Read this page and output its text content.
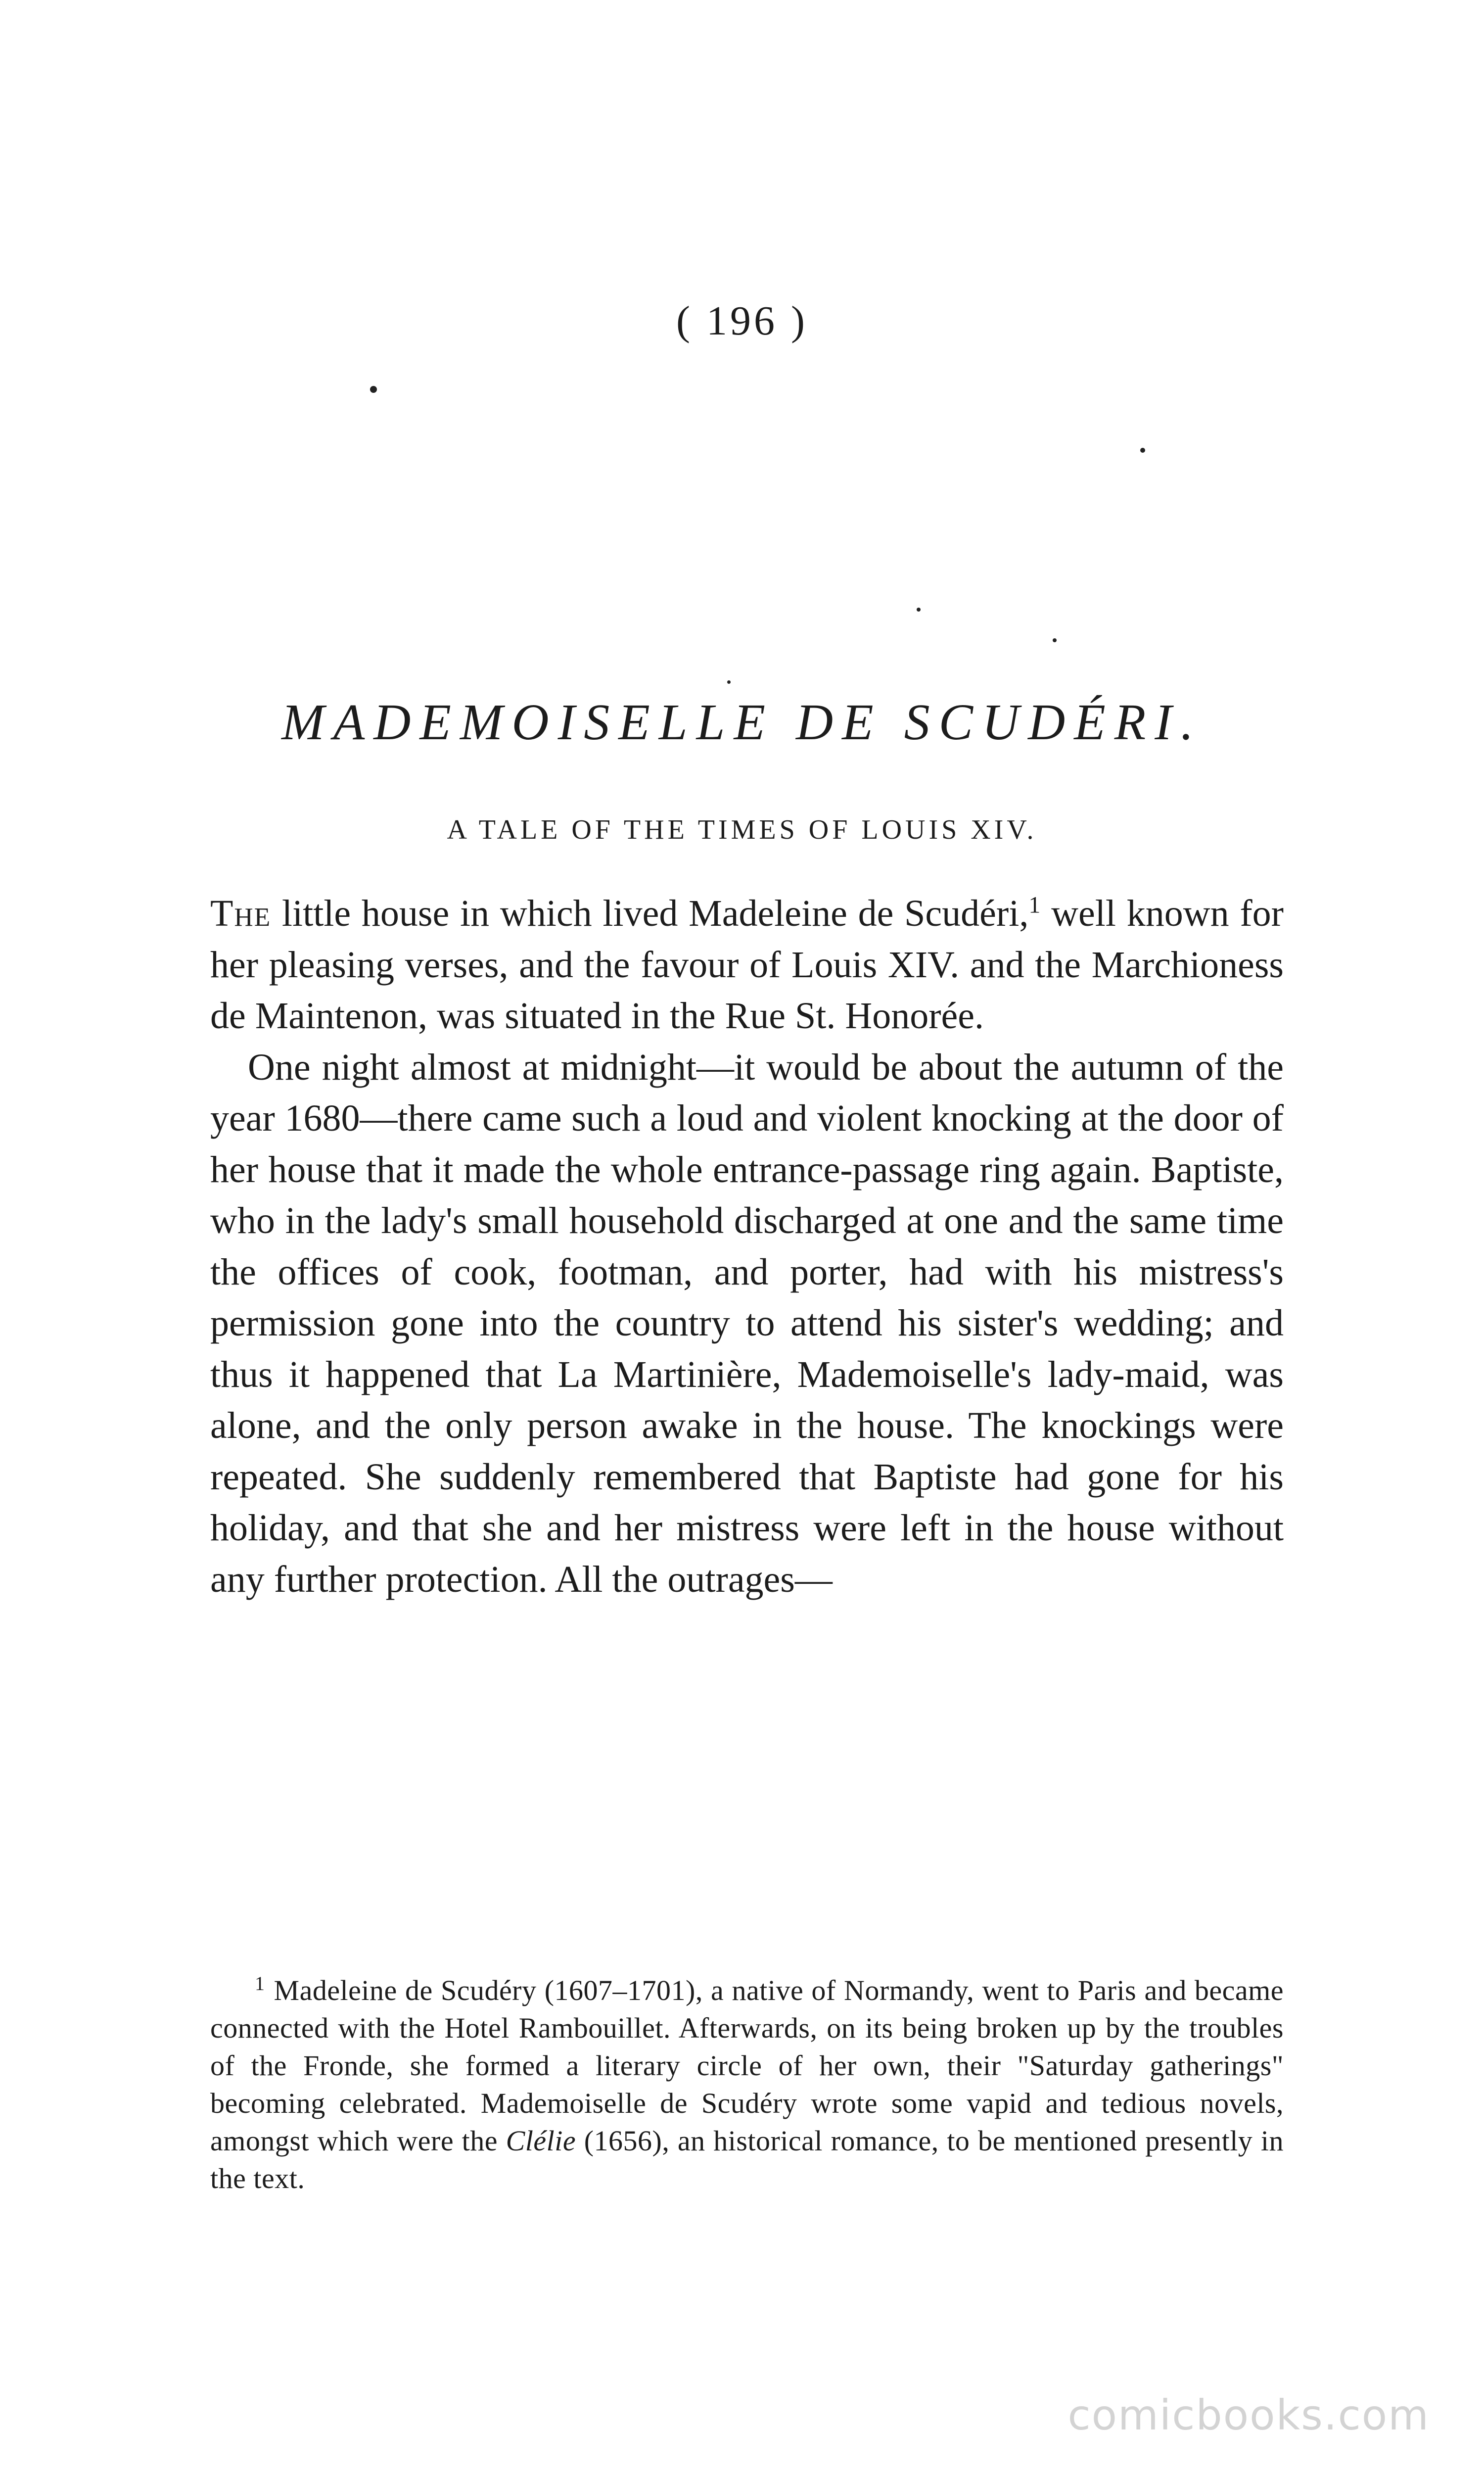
( 196 )
MADEMOISELLE DE SCUDÉRI.
A TALE OF THE TIMES OF LOUIS XIV.

The little house in which lived Madeleine de Scudéri,$^1$ well known for her pleasing verses, and the favour of Louis XIV. and the Marchioness de Maintenon, was situated in the Rue St. Honorée.

One night almost at midnight—it would be about the autumn of the year 1680—there came such a loud and violent knocking at the door of her house that it made the whole entrance-passage ring again. Baptiste, who in the lady's small household discharged at one and the same time the offices of cook, footman, and porter, had with his mistress's permission gone into the country to attend his sister's wedding; and thus it happened that La Martinière, Mademoiselle's lady-maid, was alone, and the only person awake in the house. The knockings were repeated. She suddenly remembered that Baptiste had gone for his holiday, and that she and her mistress were left in the house without any further protection. All the outrages—

$^1$ Madeleine de Scudéry (1607–1701), a native of Normandy, went to Paris and became connected with the Hotel Rambouillet. Afterwards, on its being broken up by the troubles of the Fronde, she formed a literary circle of her own, their "Saturday gatherings" becoming celebrated. Mademoiselle de Scudéry wrote some vapid and tedious novels, amongst which were the Clélie (1656), an historical romance, to be mentioned presently in the text.
comicbooks.com
